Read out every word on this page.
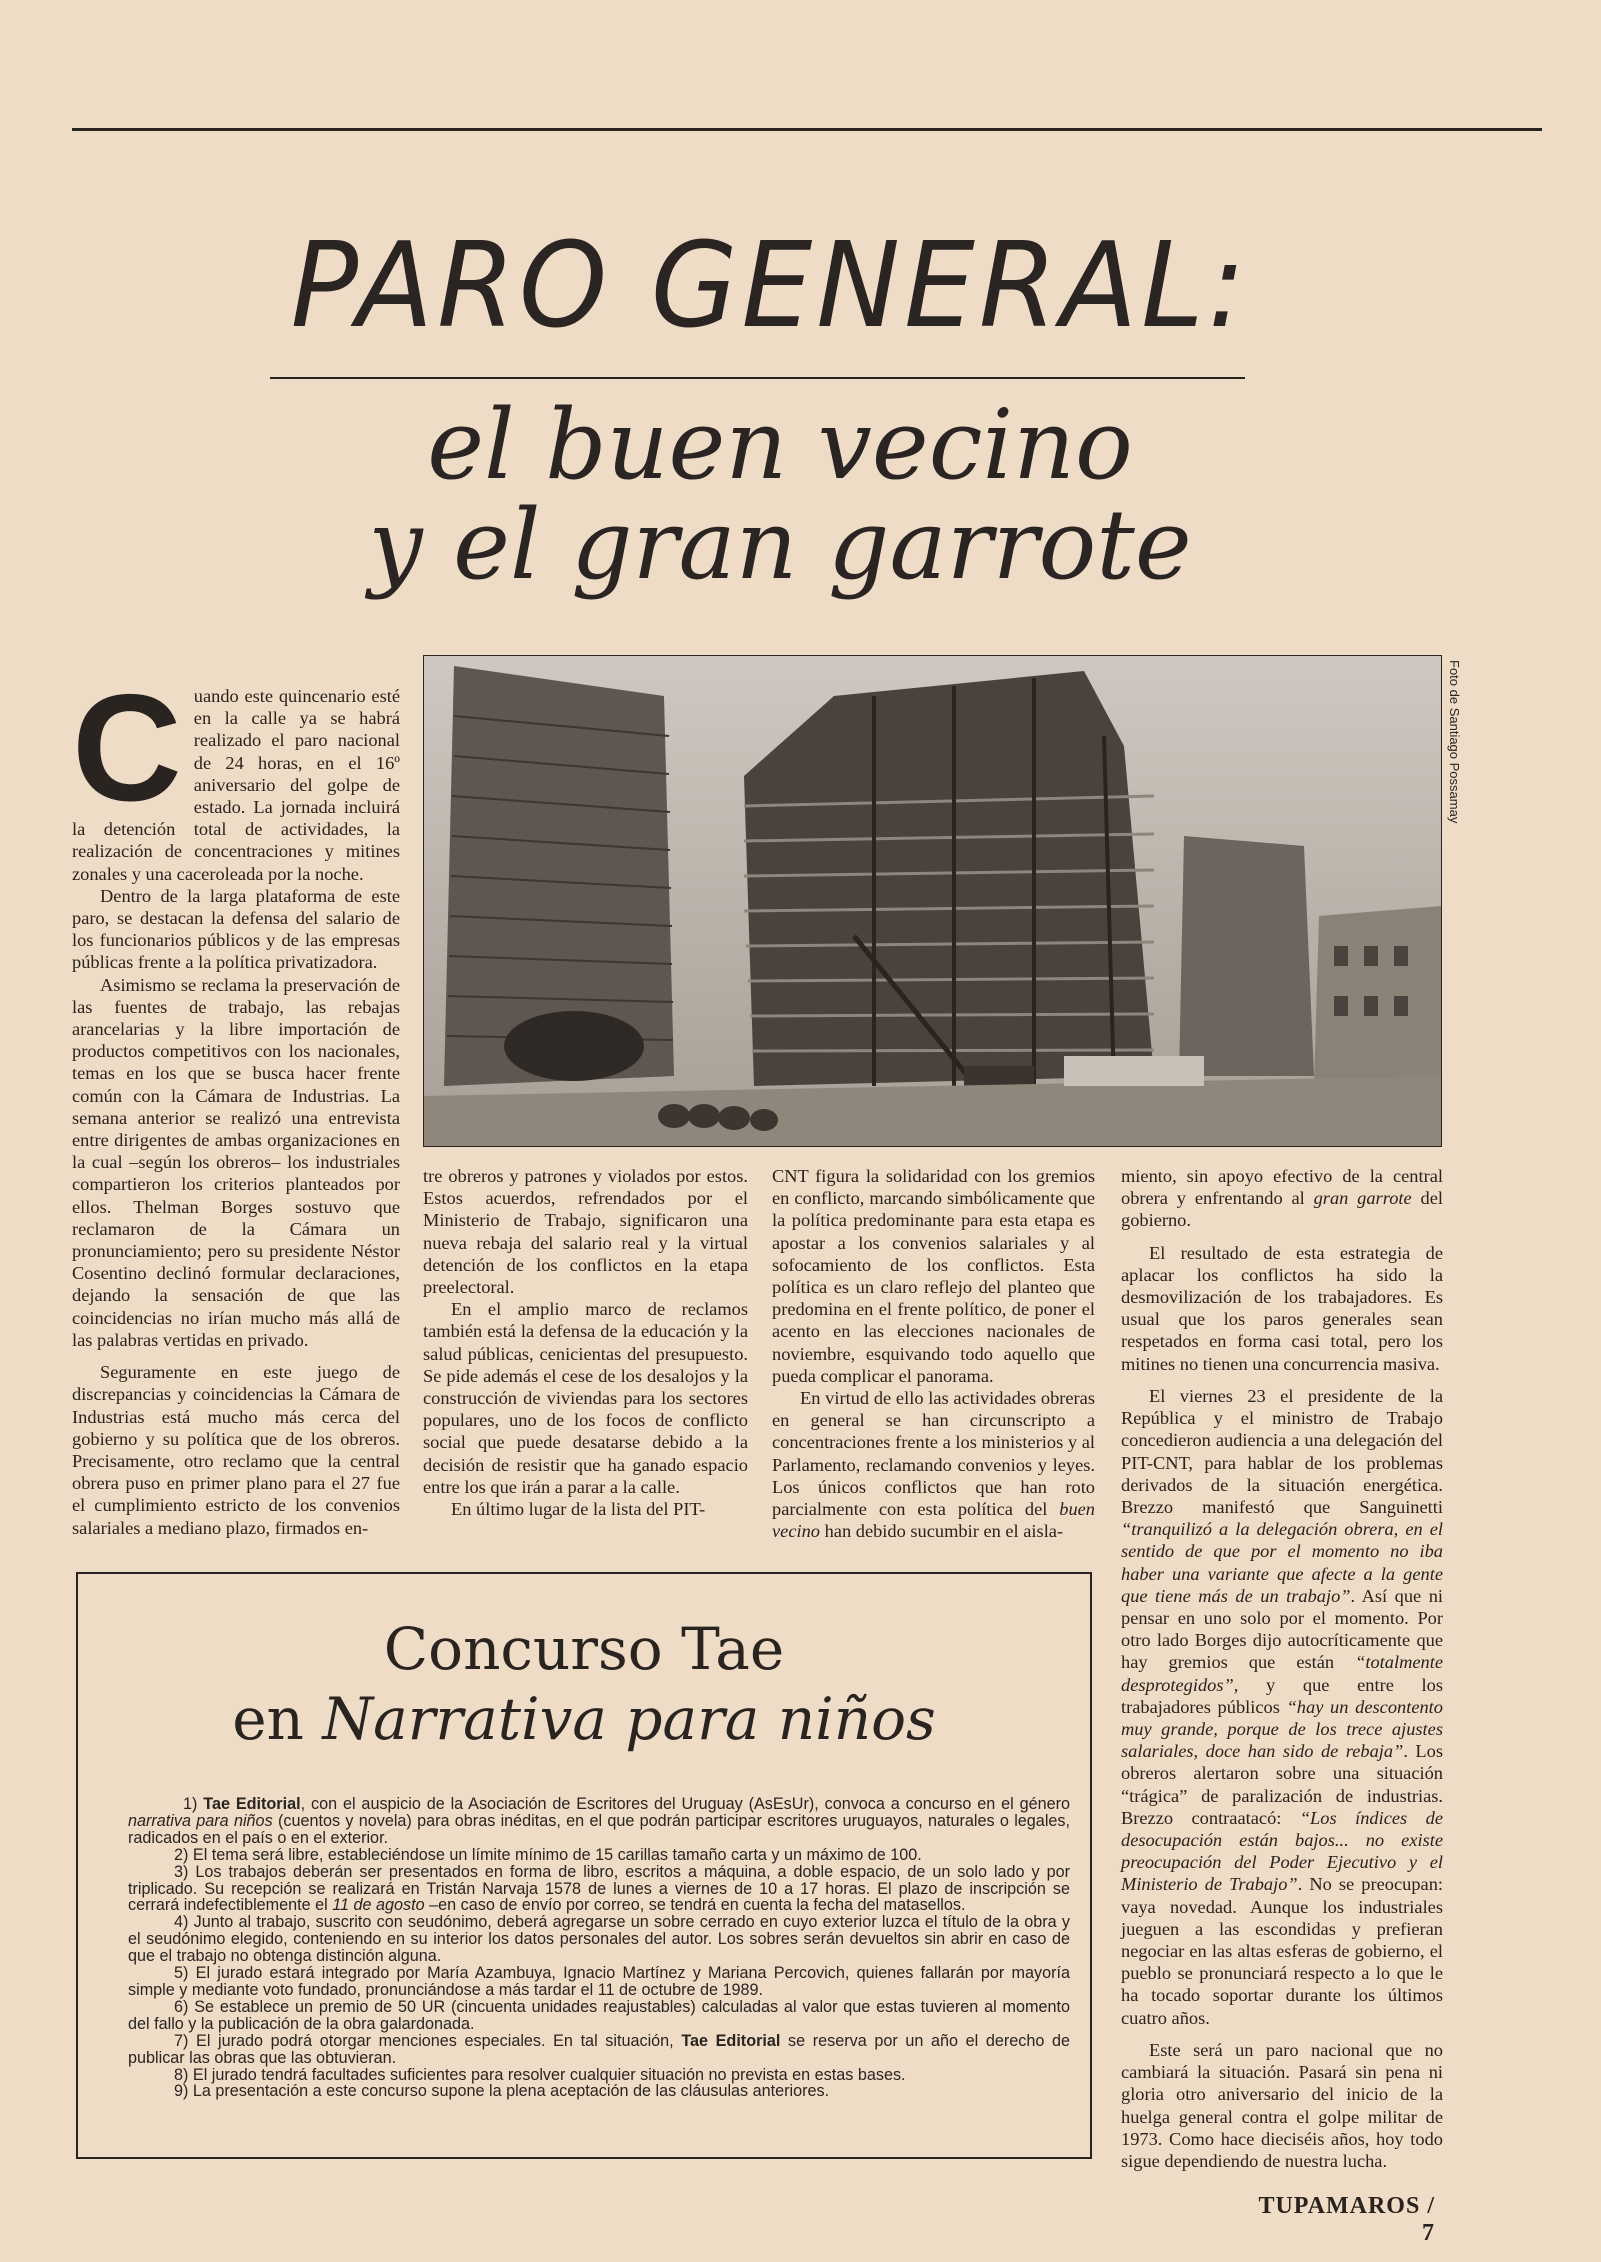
PARO GENERAL:
el buen vecino
y el gran garrote
Foto de Santiago Possamay

Cuando este quincenario esté en la calle ya se habrá realizado el paro nacional de 24 horas, en el 16º aniversario del golpe de estado. La jornada incluirá la detención total de actividades, la realización de concentraciones y mitines zonales y una caceroleada por la noche.

Dentro de la larga plataforma de este paro, se destacan la defensa del salario de los funcionarios públicos y de las empresas públicas frente a la política privatizadora.

Asimismo se reclama la preservación de las fuentes de trabajo, las rebajas arancelarias y la libre importación de productos competitivos con los nacionales, temas en los que se busca hacer frente común con la Cámara de Industrias. La semana anterior se realizó una entrevista entre dirigentes de ambas organizaciones en la cual –según los obreros– los industriales compartieron los criterios planteados por ellos. Thelman Borges sostuvo que reclamaron de la Cámara un pronunciamiento; pero su presidente Néstor Cosentino declinó formular declaraciones, dejando la sensación de que las coincidencias no irían mucho más allá de las palabras vertidas en privado.

Seguramente en este juego de discrepancias y coincidencias la Cámara de Industrias está mucho más cerca del gobierno y su política que de los obreros. Precisamente, otro reclamo que la central obrera puso en primer plano para el 27 fue el cumplimiento estricto de los convenios salariales a mediano plazo, firmados en-

tre obreros y patrones y violados por estos. Estos acuerdos, refrendados por el Ministerio de Trabajo, significaron una nueva rebaja del salario real y la virtual detención de los conflictos en la etapa preelectoral.

En el amplio marco de reclamos también está la defensa de la educación y la salud públicas, cenicientas del presupuesto. Se pide además el cese de los desalojos y la construcción de viviendas para los sectores populares, uno de los focos de conflicto social que puede desatarse debido a la decisión de resistir que ha ganado espacio entre los que irán a parar a la calle.

En último lugar de la lista del PIT-

CNT figura la solidaridad con los gremios en conflicto, marcando simbólicamente que la política predominante para esta etapa es apostar a los convenios salariales y al sofocamiento de los conflictos. Esta política es un claro reflejo del planteo que predomina en el frente político, de poner el acento en las elecciones nacionales de noviembre, esquivando todo aquello que pueda complicar el panorama.

En virtud de ello las actividades obreras en general se han circunscripto a concentraciones frente a los ministerios y al Parlamento, reclamando convenios y leyes. Los únicos conflictos que han roto parcialmente con esta política del buen vecino han debido sucumbir en el aisla-

miento, sin apoyo efectivo de la central obrera y enfrentando al gran garrote del gobierno.

El resultado de esta estrategia de aplacar los conflictos ha sido la desmovilización de los trabajadores. Es usual que los paros generales sean respetados en forma casi total, pero los mitines no tienen una concurrencia masiva.

El viernes 23 el presidente de la República y el ministro de Trabajo concedieron audiencia a una delegación del PIT-CNT, para hablar de los problemas derivados de la situación energética. Brezzo manifestó que Sanguinetti “tranquilizó a la delegación obrera, en el sentido de que por el momento no iba haber una variante que afecte a la gente que tiene más de un trabajo”. Así que ni pensar en uno solo por el momento. Por otro lado Borges dijo autocríticamente que hay gremios que están “totalmente desprotegidos”, y que entre los trabajadores públicos “hay un descontento muy grande, porque de los trece ajustes salariales, doce han sido de rebaja”. Los obreros alertaron sobre una situación “trágica” de paralización de industrias. Brezzo contraatacó: “Los índices de desocupación están bajos... no existe preocupación del Poder Ejecutivo y el Ministerio de Trabajo”. No se preocupan: vaya novedad. Aunque los industriales jueguen a las escondidas y prefieran negociar en las altas esferas de gobierno, el pueblo se pronunciará respecto a lo que le ha tocado soportar durante los últimos cuatro años.

Este será un paro nacional que no cambiará la situación. Pasará sin pena ni gloria otro aniversario del inicio de la huelga general contra el golpe militar de 1973. Como hace dieciséis años, hoy todo sigue dependiendo de nuestra lucha.

Concurso Tae
en Narrativa para niños

1) Tae Editorial, con el auspicio de la Asociación de Escritores del Uruguay (AsEsUr), convoca a concurso en el género narrativa para niños (cuentos y novela) para obras inéditas, en el que podrán participar escritores uruguayos, naturales o legales, radicados en el país o en el exterior.

2) El tema será libre, estableciéndose un límite mínimo de 15 carillas tamaño carta y un máximo de 100.

3) Los trabajos deberán ser presentados en forma de libro, escritos a máquina, a doble espacio, de un solo lado y por triplicado. Su recepción se realizará en Tristán Narvaja 1578 de lunes a viernes de 10 a 17 horas. El plazo de inscripción se cerrará indefectiblemente el 11 de agosto –en caso de envío por correo, se tendrá en cuenta la fecha del matasellos.

4) Junto al trabajo, suscrito con seudónimo, deberá agregarse un sobre cerrado en cuyo exterior luzca el título de la obra y el seudónimo elegido, conteniendo en su interior los datos personales del autor. Los sobres serán devueltos sin abrir en caso de que el trabajo no obtenga distinción alguna.

5) El jurado estará integrado por María Azambuya, Ignacio Martínez y Mariana Percovich, quienes fallarán por mayoría simple y mediante voto fundado, pronunciándose a más tardar el 11 de octubre de 1989.

6) Se establece un premio de 50 UR (cincuenta unidades reajustables) calculadas al valor que estas tuvieren al momento del fallo y la publicación de la obra galardonada.

7) El jurado podrá otorgar menciones especiales. En tal situación, Tae Editorial se reserva por un año el derecho de publicar las obras que las obtuvieran.

8) El jurado tendrá facultades suficientes para resolver cualquier situación no prevista en estas bases.

9) La presentación a este concurso supone la plena aceptación de las cláusulas anteriores.

TUPAMAROS / 7
